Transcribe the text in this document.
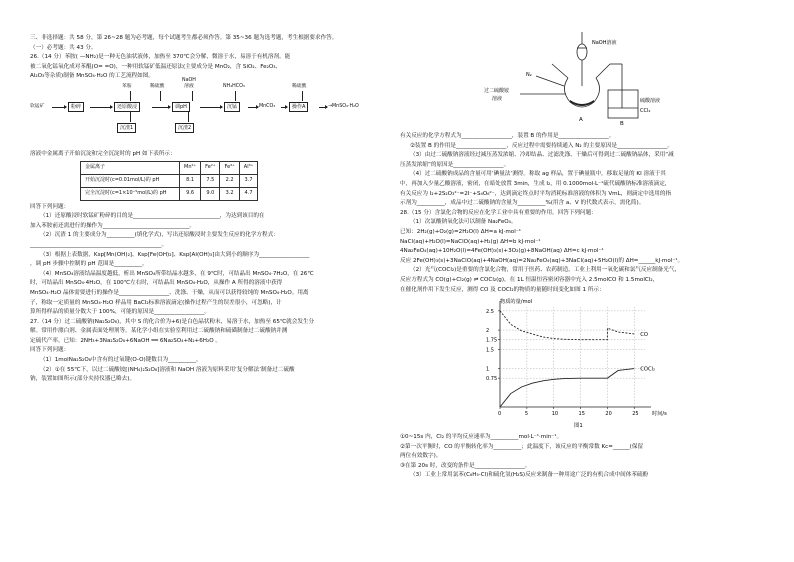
三、非选择题：共 58 分，第 26~28 题为必考题，每个试题考生都必须作答。第 35~36 题为选考题，考生根据要求作答。
（一）必考题：共 43 分。
26.（14 分）苯胺( —NH₂)是一种无色油状液体，加热至 370℃会分解，微溶于水，易溶于有机溶剂。能
被二氧化锰氧化成对苯醌(O= =O)，一种用软锰矿低温还原法(主要成分是 MnO₂，含 SiO₂、Fe₂O₃、
Al₂O₃等杂质)制备 MnSO₄·H₂O 的工艺流程如图。
苯胺	稀硫酸
NaOH
溶液	NH₄HCO₃	稀硫酸
软锰矿	粉碎	还原酸浸	调pH	沉锰	MnCO₃	操作A	→MnSO₄·H₂O
沉渣1	沉渣2
溶液中金属离子开始沉淀和完全沉淀时的 pH 如下表所示：
金属离子	Mn²⁺	Fe²⁺	Fe³⁺	Al³⁺
开始沉淀时(c=0.01mol/L)的 pH	8.1	7.5	2.2	3.7
完全沉淀时(c=1×10⁻⁵mol/L)的 pH	9.6	9.0	3.2	4.7
回答下列问题：
（1）还原酸浸时软锰矿粉碎的目的是_______________________________，为达到该目的在
加入苯胺前还需进行的操作为_______________________________。
（2）沉渣 1 的主要成分为__________(填化学式)，写出还原酸浸时主要发生反应的化学方程式：
_______________________________________________。
（3）根据上表数据，Ksp[Mn(OH)₂]、Ksp[Fe(OH)₂]、Ksp[Al(OH)₃]由大到小的顺序为__________________
，调 pH 步骤中控制的 pH 范围是__________。
（4）MnSO₄溶液结晶温度越低，析出 MnSO₄所带结晶水越多，在 9℃时，可结晶出 MnSO₄·7H₂O，在 26℃
时，可结晶出 MnSO₄·4H₂O，在 100℃左右时，可结晶出 MnSO₄·H₂O，从操作 A 所得的溶液中获得
MnSO₄·H₂O 晶体需要进行的操作是__________________、洗涤、干燥，从而可以获得较纯的 MnSO₄·H₂O。用离
子，称取一定质量的 MnSO₄·H₂O 样品用 BaCl₂标准溶液滴定(操作过程产生的误差很小，可忽略)，计
算所得样品的质量分数大于 100%，可能的原因是__________________。
27.（14 分）过二硫酸钠(Na₂S₂O₈)，其中 S 的化合价为+6)是白色晶状粉末，易溶于水，加热至 65℃就会发生分
解。常用作漂白剂、金属表面处理剂等。某化学小组在实验室利用过二硫酸钠和硫磺制备过二硫酸钠并测
定硫代产率。已知：2NH₃+3Na₂S₂O₈+6NaOH ══ 6Na₂SO₄+N₂+6H₂O 。
回答下列问题：
（1）1molNa₂S₂O₈中含有的过氧键(O-O)键数目为__________。
（2）①在 55℃下，以过二硫酸铵[(NH₄)₂S₂O₈]溶液和 NaOH 溶液为原料采用‘复分解法’制备过二硫酸
钠，装置如图所示(部分夹持仪器已略去)。
NaOH溶液
N₂
过二硫酸铵
溶液
A
B
硫酸溶液
CCl₄
有关反应的化学方程式为__________________，装置 B 的作用是__________________。
②装置 B 的作用是__________________，反应过程中需要持续通入 N₂ 的主要原因是__________________。
（3）由过二硫酸钠溶液经过减压蒸发浓缩、冷却结晶、过滤洗涤、干燥后可得到过二硫酸钠晶体，采用“减
压蒸发浓缩”的原因是__________________。
（4）过二硫酸钠成品的含量可用‘碘量法’测得。称取 ag 样品，置于碘量瓶中，移取足量的 KI 溶液于其
中，再加入少量乙酸溶液，密闭，在暗处放置 3min，生成 I₂，用 0.1000mol·L⁻¹硫代硫酸钠标准溶液滴定，
有关反应为 I₂+2S₂O₃²⁻=2I⁻+S₄O₆²⁻，达到滴定终点时平均消耗标准溶液的体积为 VmL，则滴定中选用的指
示剂为__________，成品中过二硫酸钠的含量为__________%(用含 a、V 的代数式表示，需化简)。
28.（15 分）含氯化合物的反应在化学工业中具有重要的作用。回答下列问题：
（1）次氯酸钠氧化法可以制备 Na₂FeO₄。
已知：2H₂(g)+O₂(g)=2H₂O(l) ΔH=a kJ·mol⁻¹
NaCl(aq)+H₂O(l)=NaClO(aq)+H₂(g) ΔH=b kJ·mol⁻¹
4Na₂FeO₄(aq)+10H₂O(l)=4Fe(OH)₃(s)+3O₂(g)+8NaOH(aq) ΔH=c kJ·mol⁻¹
反应 2Fe(OH)₃(s)+3NaClO(aq)+4NaOH(aq)=2Na₂FeO₄(aq)+3NaCl(aq)+5H₂O(l)的 ΔH=______kJ·mol⁻¹。
（2）光气(COCl₂)是重要的含氯化合物，常用于医药、农药制造，工业上利用一氧化碳和氯气反应制备光气，
反应方程式为 CO(g)+Cl₂(g) ⇌ COCl₂(g)，在 1L 恒温恒容密闭容器中充入 2.5molCO 和 1.5molCl₂，
在催化剂作用下发生反应，测得 CO 及 COCl₂的物质的量随时间变化如图 1 所示：
0	5	10	15	20	25
0.75
1
1.5
1.75
2
2.5
CO
COCl₂
物质的量/mol
时间/s
图1
①0~15s 内，Cl₂ 的平均反应速率为__________mol·L⁻¹·min⁻¹。
②第一次平衡时，CO 的平衡转化率为__________；此温度下，该反应的平衡常数 Kc=______(保留
两位有效数字)。
③在第 20s 时，改变的条件是__________________。
（3）工业上常用氯苯(C₆H₅-Cl)和硫化氢(H₂S)反应来制备一种用途广泛的有机合成中间体苯硫酚
